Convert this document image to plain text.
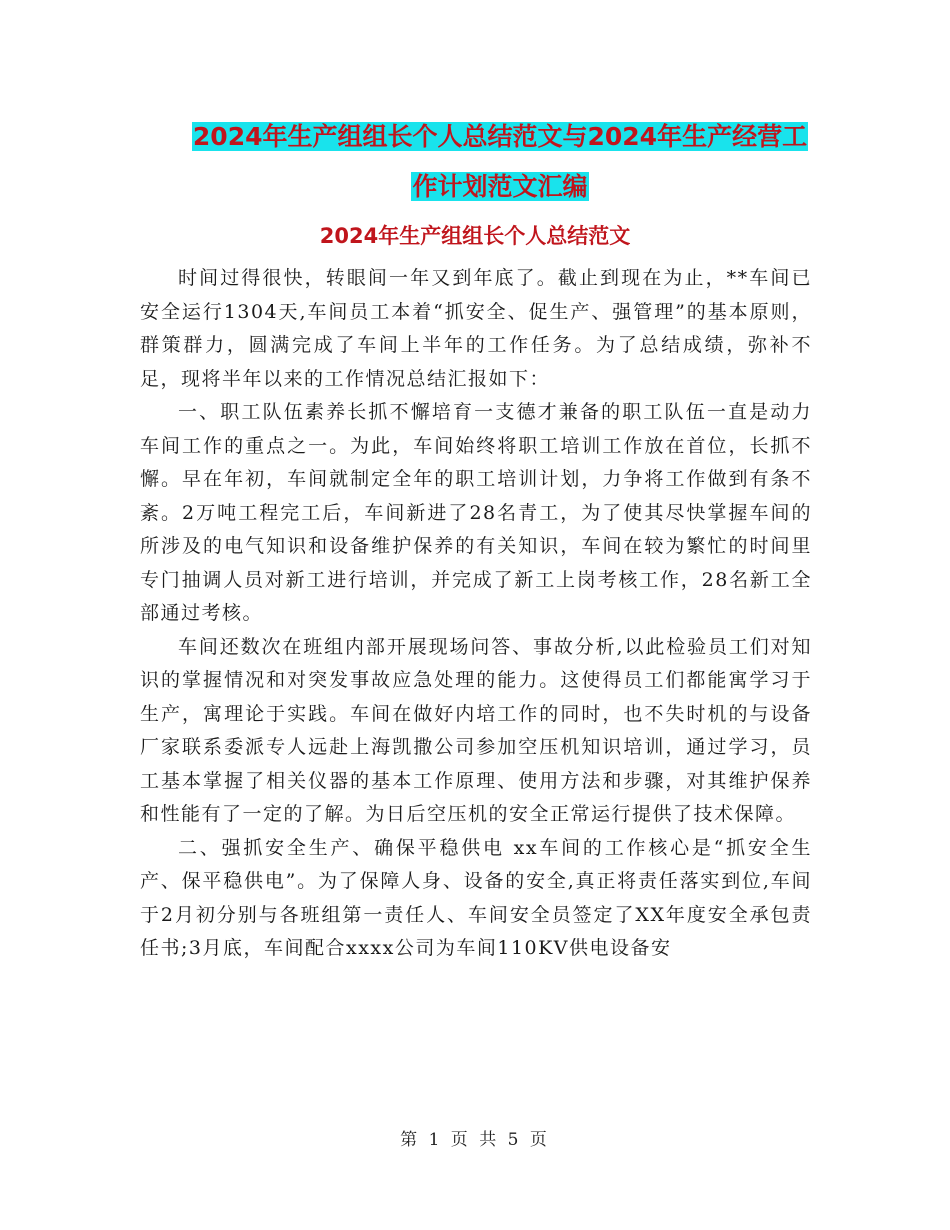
2024年生产组组长个人总结范文与2024年生产经营工
作计划范文汇编
2024年生产组组长个人总结范文

时间过得很快，转眼间一年又到年底了。截止到现在为止，**车间已安全运行1304天,车间员工本着“抓安全、促生产、强管理”的基本原则，群策群力，圆满完成了车间上半年的工作任务。为了总结成绩，弥补不足，现将半年以来的工作情况总结汇报如下：

一、职工队伍素养长抓不懈培育一支德才兼备的职工队伍一直是动力车间工作的重点之一。为此，车间始终将职工培训工作放在首位，长抓不懈。早在年初，车间就制定全年的职工培训计划，力争将工作做到有条不紊。2万吨工程完工后，车间新进了28名青工，为了使其尽快掌握车间的所涉及的电气知识和设备维护保养的有关知识，车间在较为繁忙的时间里专门抽调人员对新工进行培训，并完成了新工上岗考核工作，28名新工全部通过考核。

车间还数次在班组内部开展现场问答、事故分析,以此检验员工们对知识的掌握情况和对突发事故应急处理的能力。这使得员工们都能寓学习于生产，寓理论于实践。车间在做好内培工作的同时，也不失时机的与设备厂家联系委派专人远赴上海凯撒公司参加空压机知识培训，通过学习，员工基本掌握了相关仪器的基本工作原理、使用方法和步骤，对其维护保养和性能有了一定的了解。为日后空压机的安全正常运行提供了技术保障。

二、强抓安全生产、确保平稳供电 xx车间的工作核心是“抓安全生产、保平稳供电”。为了保障人身、设备的安全,真正将责任落实到位,车间于2月初分别与各班组第一责任人、车间安全员签定了XX年度安全承包责任书;3月底，车间配合xxxx公司为车间110KV供电设备安

第 1 页 共 5 页
